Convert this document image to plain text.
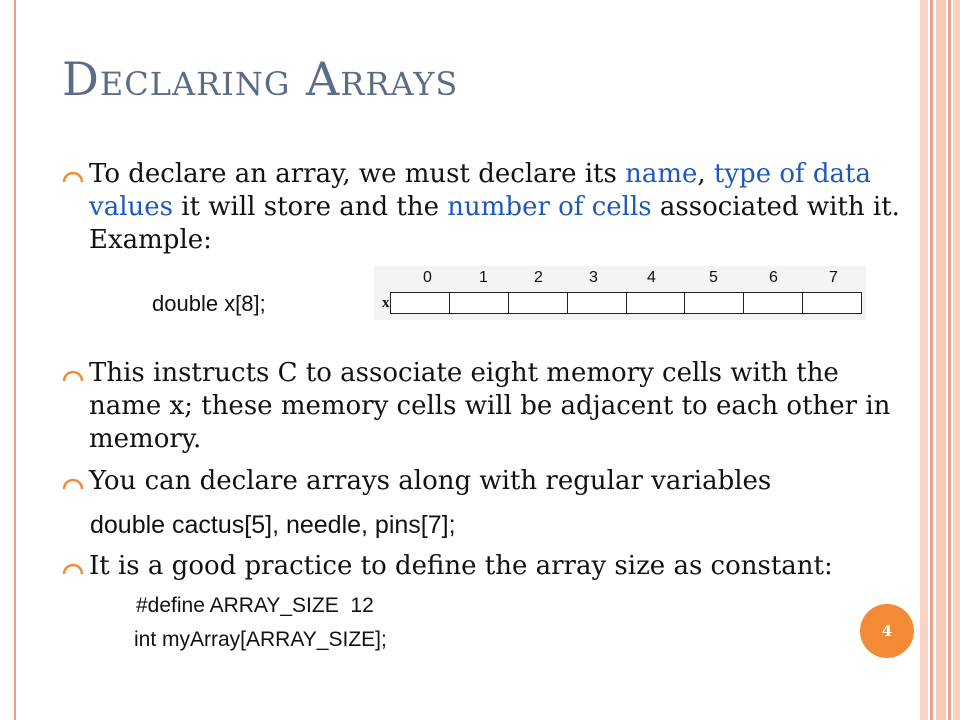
Declaring Arrays
To declare an array, we must declare its name, type of data values it will store and the number of cells associated with it. Example:
double x[8];
0	1	2	3	4	5	6	7
x
This instructs C to associate eight memory cells with the name x; these memory cells will be adjacent to each other in memory.
You can declare arrays along with regular variables
double cactus[5], needle, pins[7];
It is a good practice to define the array size as constant:
#define ARRAY_SIZE  12
int myArray[ARRAY_SIZE];	4
